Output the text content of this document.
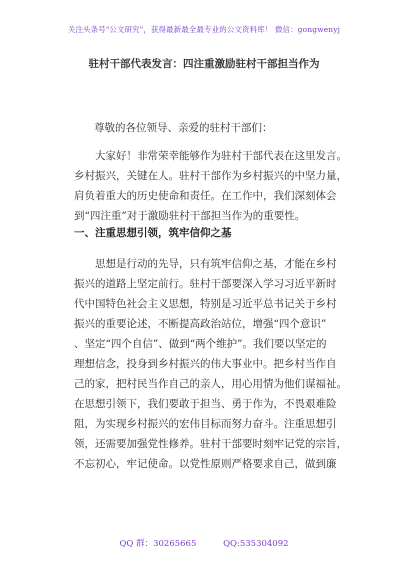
关注头条号"公文研究"，获得最新最全最专业的公文资料库！ 微信：gongwenyj
驻村干部代表发言：四注重激励驻村干部担当作为
尊敬的各位领导、亲爱的驻村干部们：
大家好！非常荣幸能够作为驻村干部代表在这里发言。
乡村振兴，关键在人。驻村干部作为乡村振兴的中坚力量，
肩负着重大的历史使命和责任。在工作中，我们深刻体会
到“四注重”对于激励驻村干部担当作为的重要性。
一、注重思想引领，筑牢信仰之基
思想是行动的先导，只有筑牢信仰之基，才能在乡村
振兴的道路上坚定前行。驻村干部要深入学习习近平新时
代中国特色社会主义思想，特别是习近平总书记关于乡村
振兴的重要论述，不断提高政治站位，增强“四个意识”
、坚定“四个自信”、做到“两个维护”。我们要以坚定的
理想信念，投身到乡村振兴的伟大事业中。把乡村当作自
己的家，把村民当作自己的亲人，用心用情为他们谋福祉。
在思想引领下，我们要敢于担当、勇于作为，不畏艰难险
阻，为实现乡村振兴的宏伟目标而努力奋斗。注重思想引
领，还需要加强党性修养。驻村干部要时刻牢记党的宗旨，
不忘初心，牢记使命。以党性原则严格要求自己，做到廉
QQ 群：30265665	QQ:535304092
